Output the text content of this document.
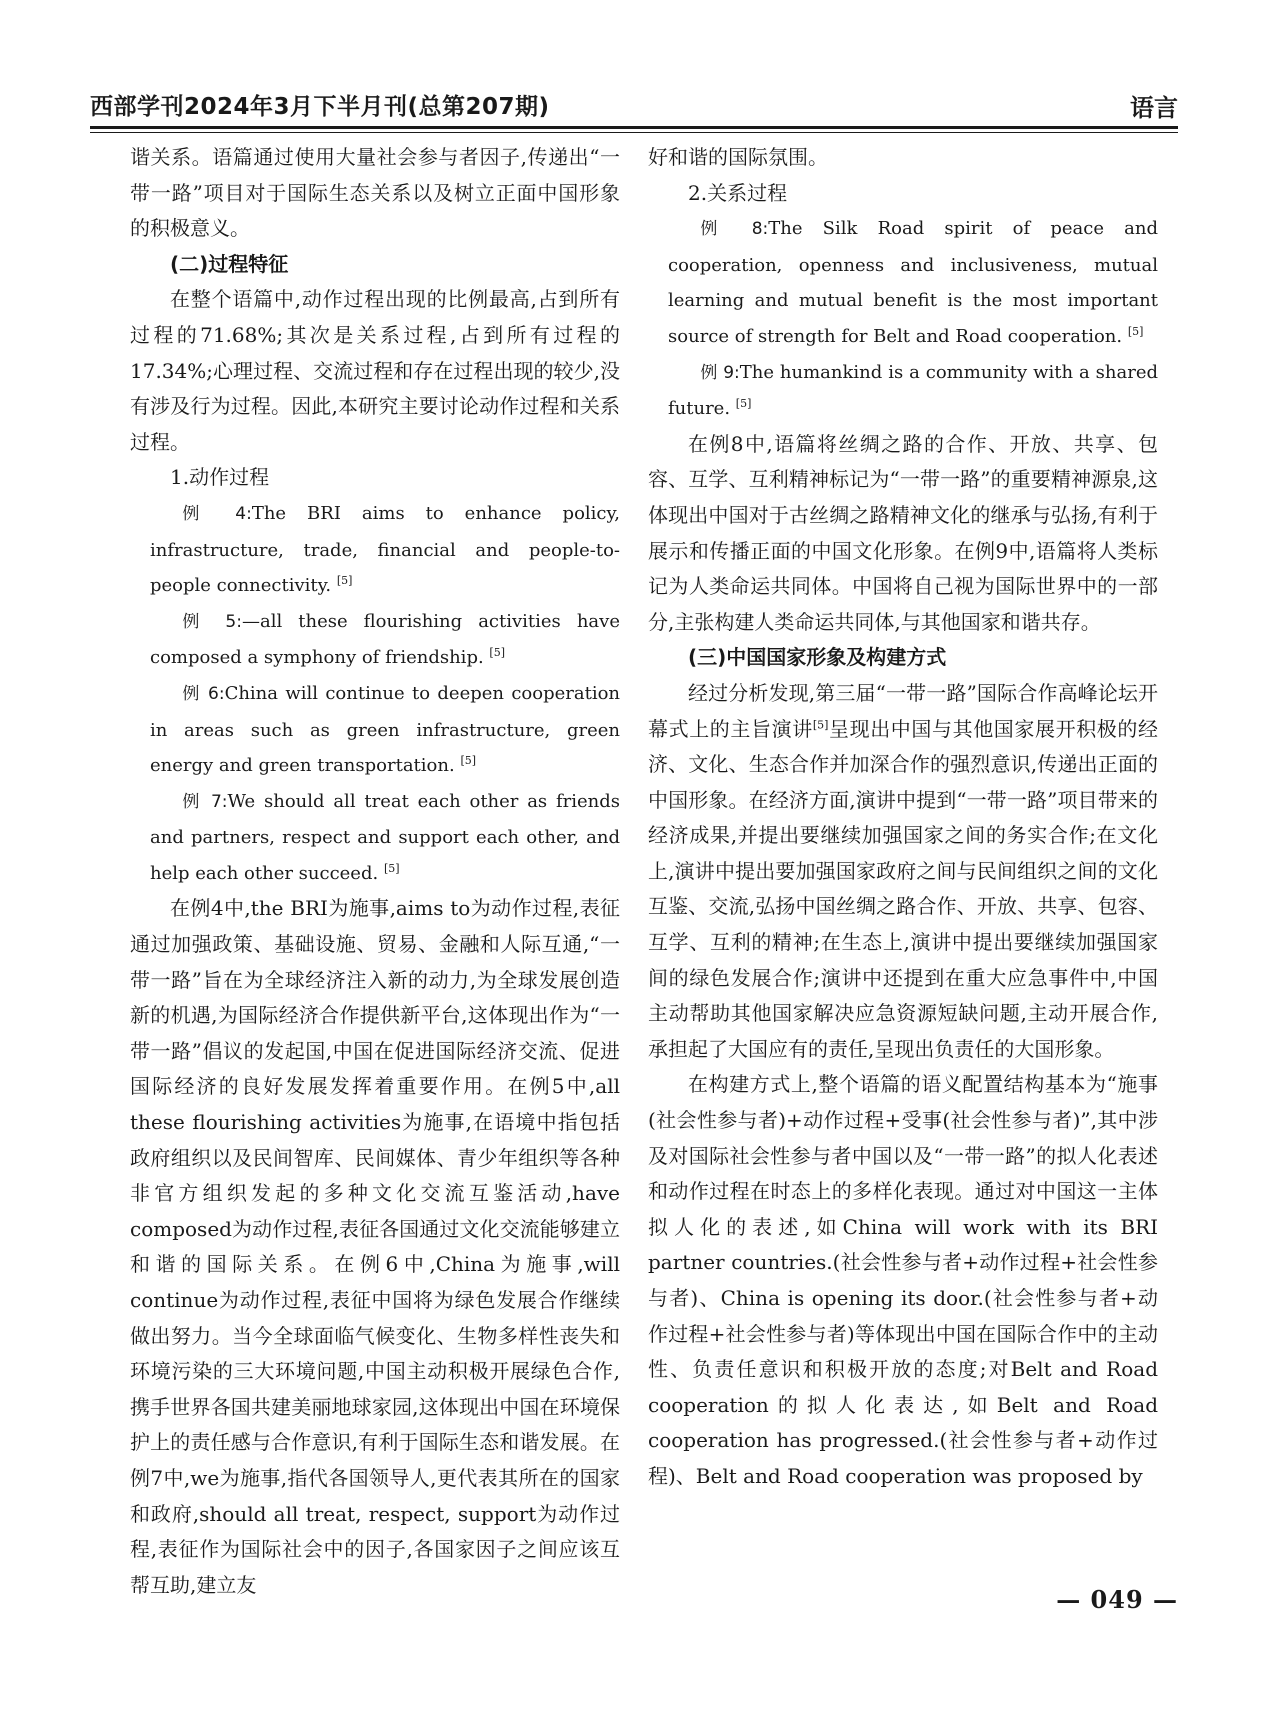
西部学刊2024年3月下半月刊(总第207期)	语言

谐关系。语篇通过使用大量社会参与者因子,传递出“一带一路”项目对于国际生态关系以及树立正面中国形象的积极意义。

(二)过程特征

在整个语篇中,动作过程出现的比例最高,占到所有过程的71.68%;其次是关系过程,占到所有过程的17.34%;心理过程、交流过程和存在过程出现的较少,没有涉及行为过程。因此,本研究主要讨论动作过程和关系过程。

1.动作过程

例 4:The BRI aims to enhance policy, infrastructure, trade, financial and people-to-people connectivity. [5]

例 5:—all these flourishing activities have composed a symphony of friendship. [5]

例 6:China will continue to deepen cooperation in areas such as green infrastructure, green energy and green transportation. [5]

例 7:We should all treat each other as friends and partners, respect and support each other, and help each other succeed. [5]

在例4中,the BRI为施事,aims to为动作过程,表征通过加强政策、基础设施、贸易、金融和人际互通,“一带一路”旨在为全球经济注入新的动力,为全球发展创造新的机遇,为国际经济合作提供新平台,这体现出作为“一带一路”倡议的发起国,中国在促进国际经济交流、促进国际经济的良好发展发挥着重要作用。在例5中,all these flourishing activities为施事,在语境中指包括政府组织以及民间智库、民间媒体、青少年组织等各种非官方组织发起的多种文化交流互鉴活动,have composed为动作过程,表征各国通过文化交流能够建立和谐的国际关系。在例6中,China为施事,will continue为动作过程,表征中国将为绿色发展合作继续做出努力。当今全球面临气候变化、生物多样性丧失和环境污染的三大环境问题,中国主动积极开展绿色合作,携手世界各国共建美丽地球家园,这体现出中国在环境保护上的责任感与合作意识,有利于国际生态和谐发展。在例7中,we为施事,指代各国领导人,更代表其所在的国家和政府,should all treat, respect, support为动作过程,表征作为国际社会中的因子,各国家因子之间应该互帮互助,建立友

好和谐的国际氛围。

2.关系过程

例 8:The Silk Road spirit of peace and cooperation, openness and inclusiveness, mutual learning and mutual benefit is the most important source of strength for Belt and Road cooperation. [5]

例 9:The humankind is a community with a shared future. [5]

在例8中,语篇将丝绸之路的合作、开放、共享、包容、互学、互利精神标记为“一带一路”的重要精神源泉,这体现出中国对于古丝绸之路精神文化的继承与弘扬,有利于展示和传播正面的中国文化形象。在例9中,语篇将人类标记为人类命运共同体。中国将自己视为国际世界中的一部分,主张构建人类命运共同体,与其他国家和谐共存。

(三)中国国家形象及构建方式

经过分析发现,第三届“一带一路”国际合作高峰论坛开幕式上的主旨演讲[5]呈现出中国与其他国家展开积极的经济、文化、生态合作并加深合作的强烈意识,传递出正面的中国形象。在经济方面,演讲中提到“一带一路”项目带来的经济成果,并提出要继续加强国家之间的务实合作;在文化上,演讲中提出要加强国家政府之间与民间组织之间的文化互鉴、交流,弘扬中国丝绸之路合作、开放、共享、包容、互学、互利的精神;在生态上,演讲中提出要继续加强国家间的绿色发展合作;演讲中还提到在重大应急事件中,中国主动帮助其他国家解决应急资源短缺问题,主动开展合作,承担起了大国应有的责任,呈现出负责任的大国形象。

在构建方式上,整个语篇的语义配置结构基本为“施事(社会性参与者)+动作过程+受事(社会性参与者)”,其中涉及对国际社会性参与者中国以及“一带一路”的拟人化表述和动作过程在时态上的多样化表现。通过对中国这一主体拟人化的表述,如China will work with its BRI partner countries.(社会性参与者+动作过程+社会性参与者)、China is opening its door.(社会性参与者+动作过程+社会性参与者)等体现出中国在国际合作中的主动性、负责任意识和积极开放的态度;对Belt and Road cooperation的拟人化表达,如Belt and Road cooperation has progressed.(社会性参与者+动作过程)、Belt and Road cooperation was proposed by

— 049 —
